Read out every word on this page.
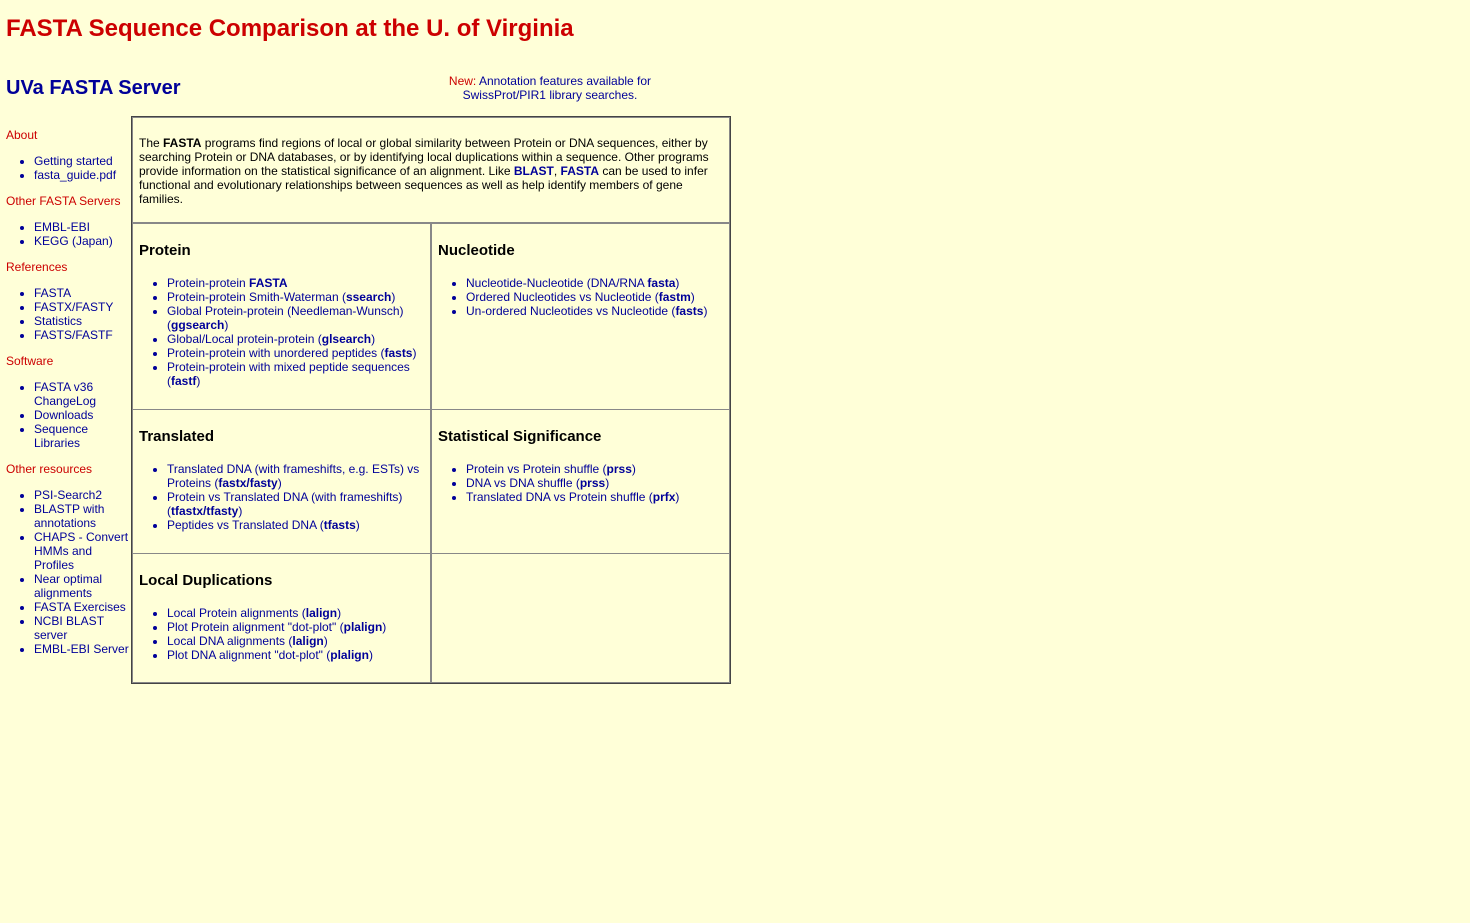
FASTA Sequence Comparison at the U. of Virginia
UVa FASTA Server	New: Annotation features available for
SwissProt/PIR1 library searches.
About
• Getting started
• fasta_guide.pdf
Other FASTA Servers
• EMBL-EBI
• KEGG (Japan)
References
• FASTA
• FASTX/FASTY
• Statistics
• FASTS/FASTF
Software
• FASTA v36 ChangeLog
• Downloads
• Sequence Libraries
Other resources
• PSI-Search2
• BLASTP with annotations
• CHAPS - Convert HMMs and Profiles
• Near optimal alignments
• FASTA Exercises
• NCBI BLAST server
• EMBL-EBI Server
The FASTA programs find regions of local or global similarity between Protein or DNA sequences, either by searching Protein or DNA databases, or by identifying local duplications within a sequence. Other programs provide information on the statistical significance of an alignment. Like BLAST, FASTA can be used to infer functional and evolutionary relationships between sequences as well as help identify members of gene families.
Protein
• Protein-protein FASTA
• Protein-protein Smith-Waterman (ssearch)
• Global Protein-protein (Needleman-Wunsch) (ggsearch)
• Global/Local protein-protein (glsearch)
• Protein-protein with unordered peptides (fasts)
• Protein-protein with mixed peptide sequences (fastf)
Nucleotide
• Nucleotide-Nucleotide (DNA/RNA fasta)
• Ordered Nucleotides vs Nucleotide (fastm)
• Un-ordered Nucleotides vs Nucleotide (fasts)
Translated
• Translated DNA (with frameshifts, e.g. ESTs) vs Proteins (fastx/fasty)
• Protein vs Translated DNA (with frameshifts) (tfastx/tfasty)
• Peptides vs Translated DNA (tfasts)
Statistical Significance
• Protein vs Protein shuffle (prss)
• DNA vs DNA shuffle (prss)
• Translated DNA vs Protein shuffle (prfx)
Local Duplications
• Local Protein alignments (lalign)
• Plot Protein alignment "dot-plot" (plalign)
• Local DNA alignments (lalign)
• Plot DNA alignment "dot-plot" (plalign)
